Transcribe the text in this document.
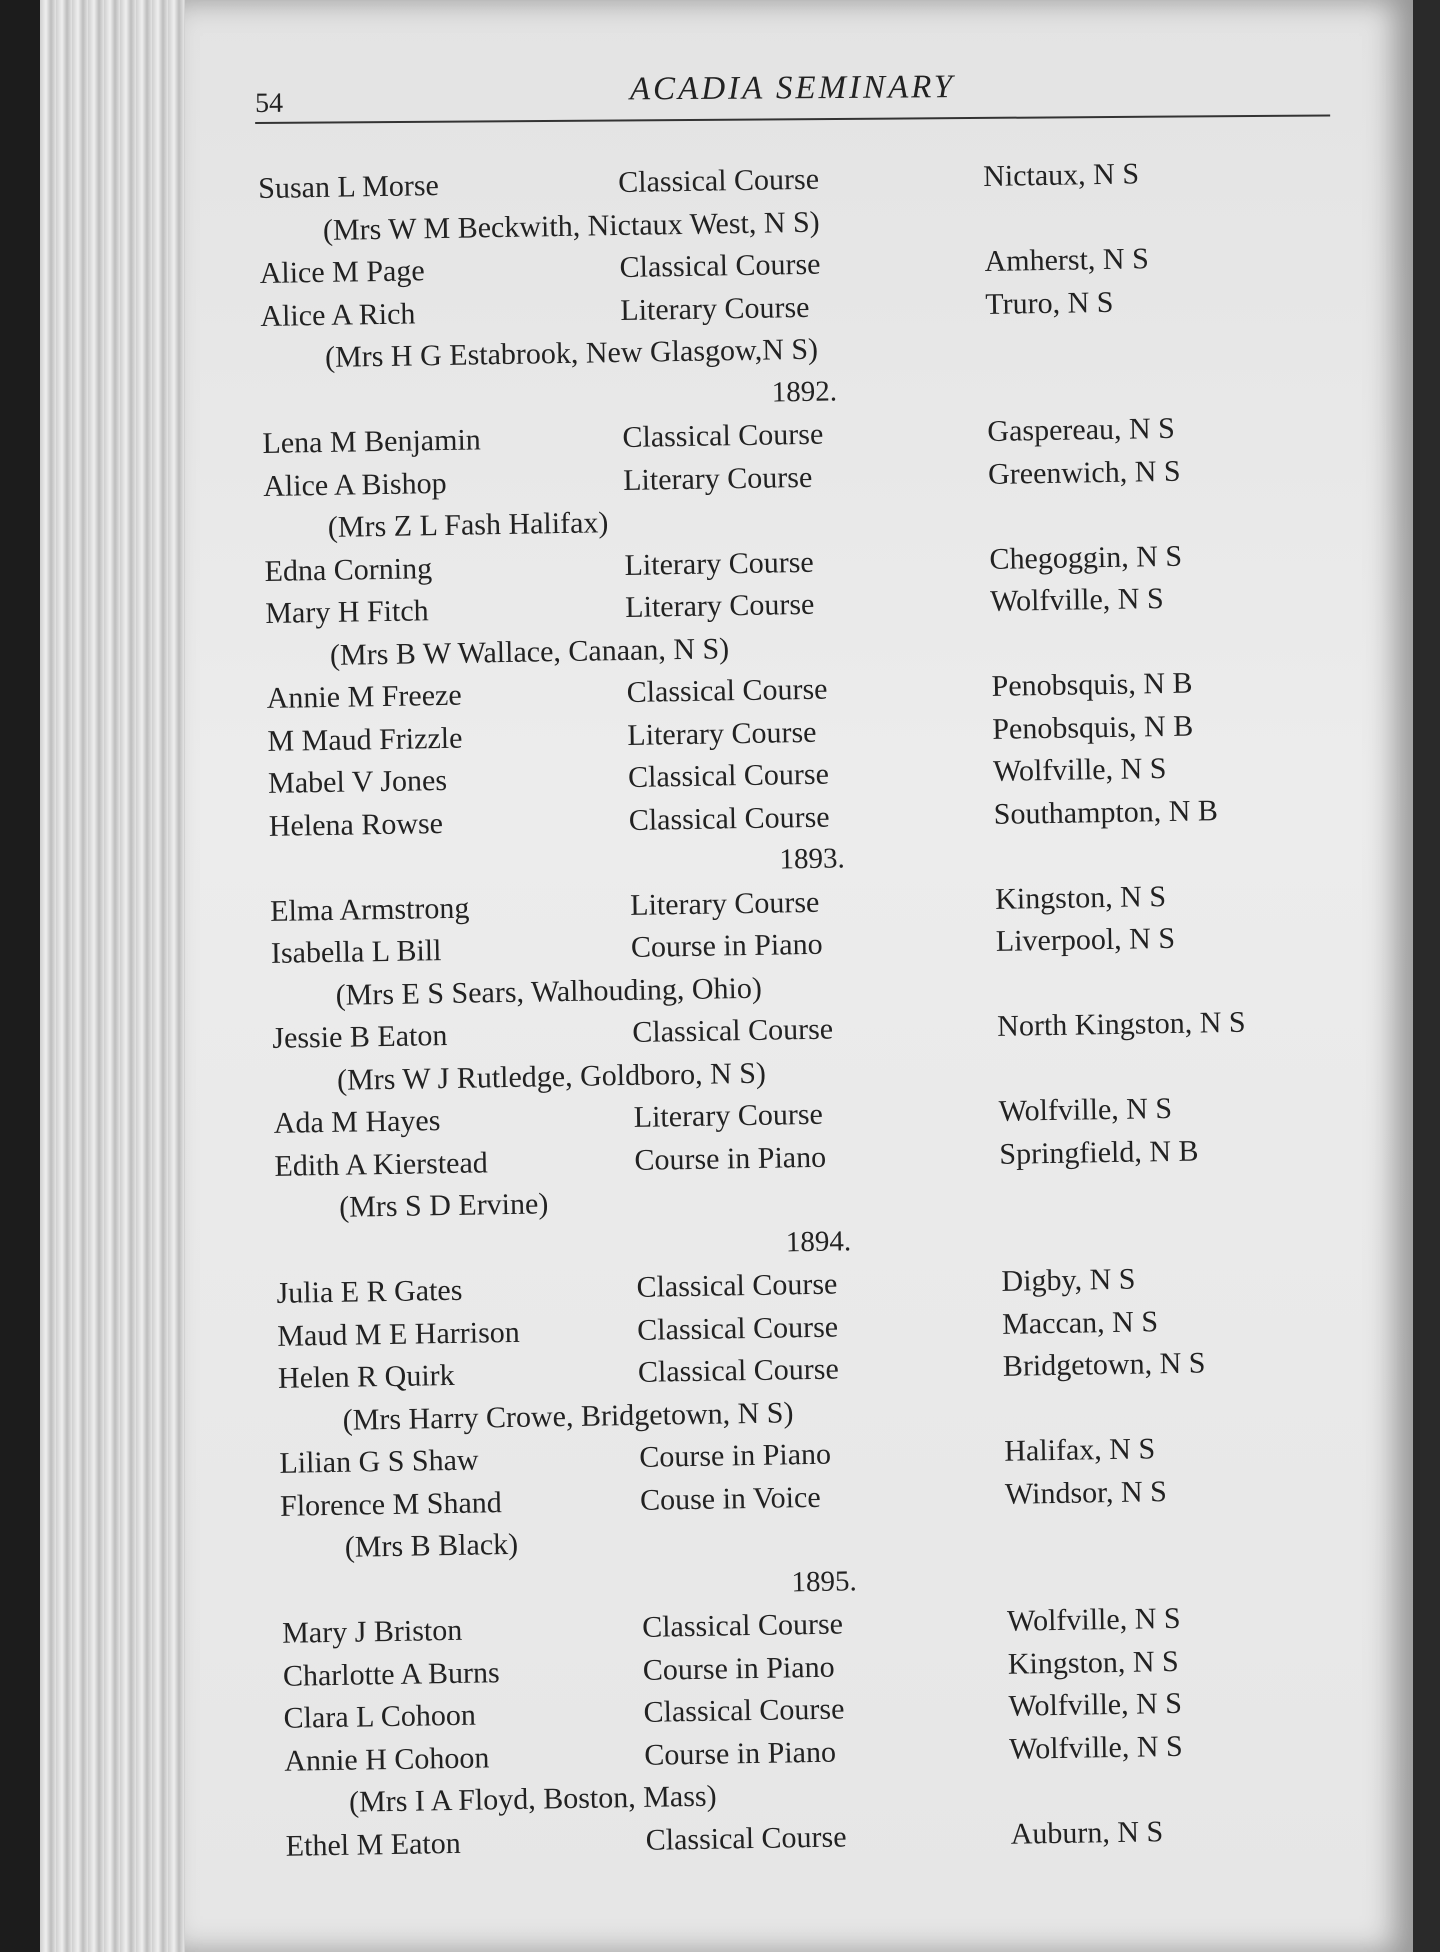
54	ACADIA SEMINARY
Susan L Morse	Classical Course	Nictaux, N S
(Mrs W M Beckwith, Nictaux West, N S)
Alice M Page	Classical Course	Amherst, N S
Alice A Rich	Literary Course	Truro, N S
(Mrs H G Estabrook, New Glasgow,N S)
1892.
Lena M Benjamin	Classical Course	Gaspereau, N S
Alice A Bishop	Literary Course	Greenwich, N S
(Mrs Z L Fash Halifax)
Edna Corning	Literary Course	Chegoggin, N S
Mary H Fitch	Literary Course	Wolfville, N S
(Mrs B W Wallace, Canaan, N S)
Annie M Freeze	Classical Course	Penobsquis, N B
M Maud Frizzle	Literary Course	Penobsquis, N B
Mabel V Jones	Classical Course	Wolfville, N S
Helena Rowse	Classical Course	Southampton, N B
1893.
Elma Armstrong	Literary Course	Kingston, N S
Isabella L Bill	Course in Piano	Liverpool, N S
(Mrs E S Sears, Walhouding, Ohio)
Jessie B Eaton	Classical Course	North Kingston, N S
(Mrs W J Rutledge, Goldboro, N S)
Ada M Hayes	Literary Course	Wolfville, N S
Edith A Kierstead	Course in Piano	Springfield, N B
(Mrs S D Ervine)
1894.
Julia E R Gates	Classical Course	Digby, N S
Maud M E Harrison	Classical Course	Maccan, N S
Helen R Quirk	Classical Course	Bridgetown, N S
(Mrs Harry Crowe, Bridgetown, N S)
Lilian G S Shaw	Course in Piano	Halifax, N S
Florence M Shand	Couse in Voice	Windsor, N S
(Mrs B Black)
1895.
Mary J Briston	Classical Course	Wolfville, N S
Charlotte A Burns	Course in Piano	Kingston, N S
Clara L Cohoon	Classical Course	Wolfville, N S
Annie H Cohoon	Course in Piano	Wolfville, N S
(Mrs I A Floyd, Boston, Mass)
Ethel M Eaton	Classical Course	Auburn, N S
